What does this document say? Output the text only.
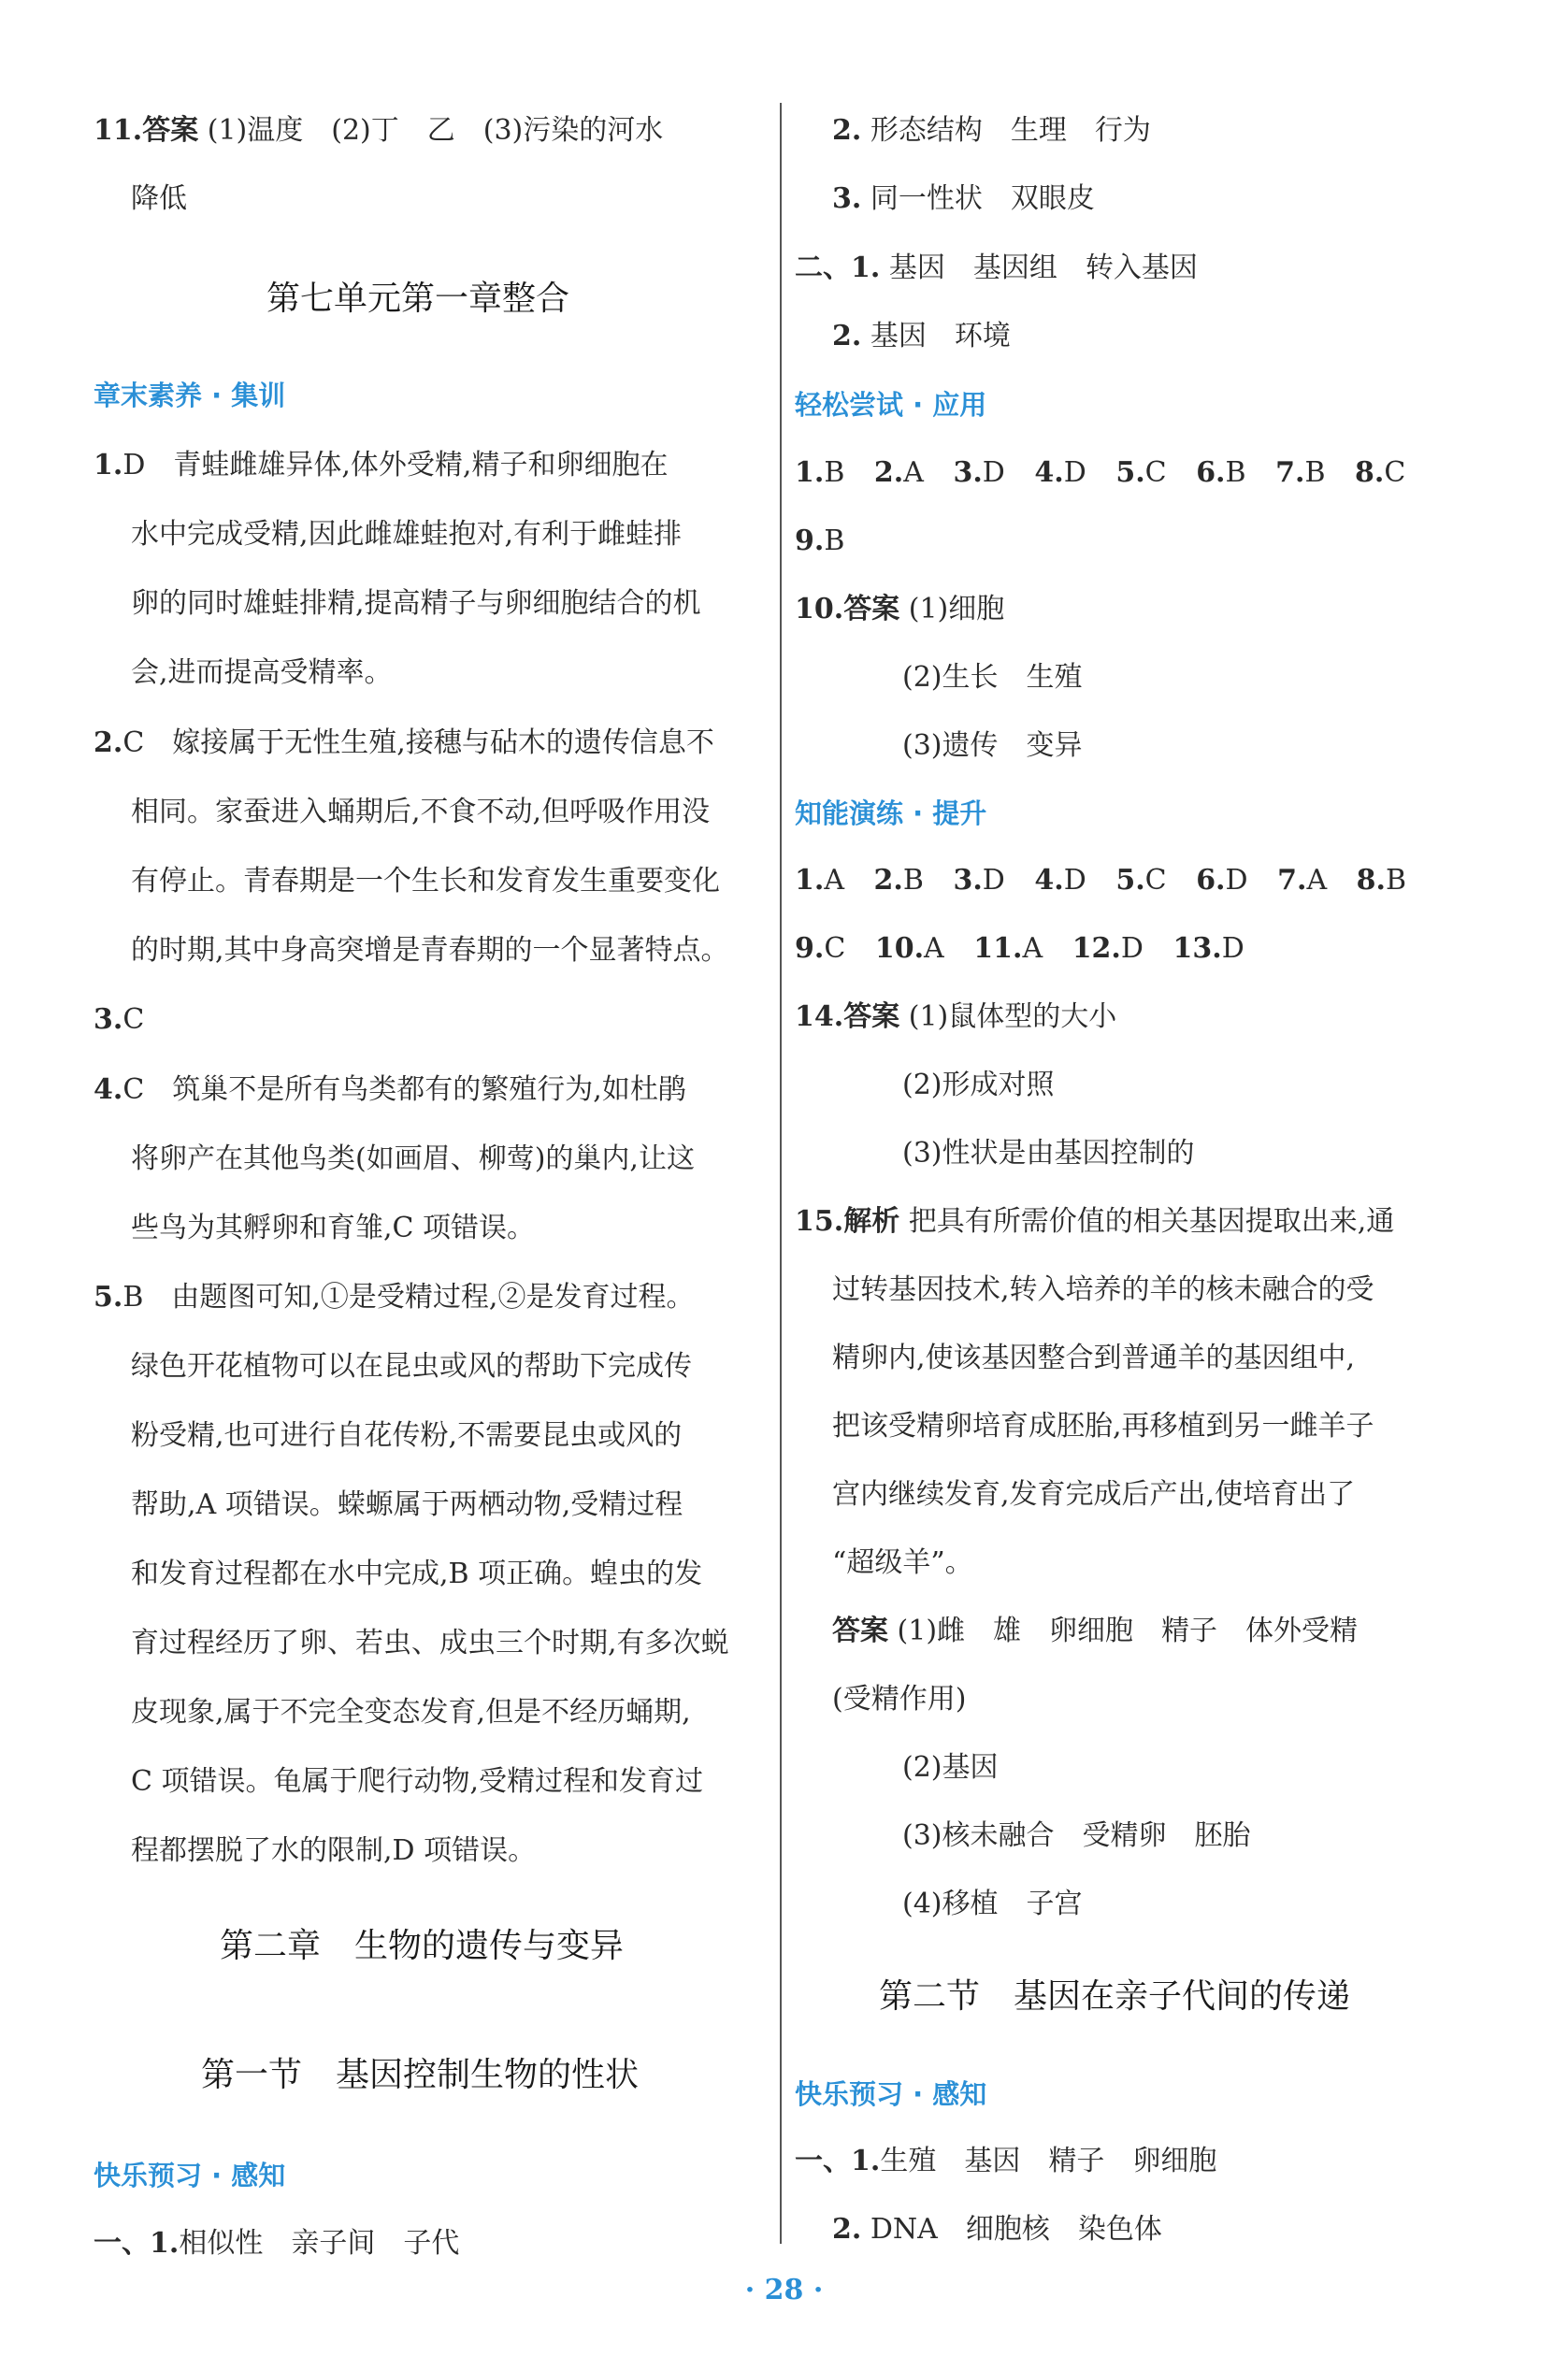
11.答案 (1)温度　(2)丁　乙　(3)污染的河水
降低
第七单元第一章整合
章末素养 · 集训
1.D　青蛙雌雄异体,体外受精,精子和卵细胞在
水中完成受精,因此雌雄蛙抱对,有利于雌蛙排
卵的同时雄蛙排精,提高精子与卵细胞结合的机
会,进而提高受精率。
2.C　嫁接属于无性生殖,接穗与砧木的遗传信息不
相同。家蚕进入蛹期后,不食不动,但呼吸作用没
有停止。青春期是一个生长和发育发生重要变化
的时期,其中身高突增是青春期的一个显著特点。
3.C
4.C　筑巢不是所有鸟类都有的繁殖行为,如杜鹃
将卵产在其他鸟类(如画眉、柳莺)的巢内,让这
些鸟为其孵卵和育雏,C 项错误。
5.B　由题图可知,①是受精过程,②是发育过程。
绿色开花植物可以在昆虫或风的帮助下完成传
粉受精,也可进行自花传粉,不需要昆虫或风的
帮助,A 项错误。蝾螈属于两栖动物,受精过程
和发育过程都在水中完成,B 项正确。蝗虫的发
育过程经历了卵、若虫、成虫三个时期,有多次蜕
皮现象,属于不完全变态发育,但是不经历蛹期,
C 项错误。龟属于爬行动物,受精过程和发育过
程都摆脱了水的限制,D 项错误。
第二章　生物的遗传与变异
第一节　基因控制生物的性状
快乐预习 · 感知
一、1.相似性　亲子间　子代
2. 形态结构　生理　行为
3. 同一性状　双眼皮
二、1. 基因　基因组　转入基因
2. 基因　环境
轻松尝试 · 应用
1.B 2.A 3.D 4.D 5.C 6.B 7.B 8.C
9.B
10.答案 (1)细胞
(2)生长　生殖
(3)遗传　变异
知能演练 · 提升
1.A 2.B 3.D 4.D 5.C 6.D 7.A 8.B
9.C 10.A 11.A 12.D 13.D
14.答案 (1)鼠体型的大小
(2)形成对照
(3)性状是由基因控制的
15.解析 把具有所需价值的相关基因提取出来,通
过转基因技术,转入培养的羊的核未融合的受
精卵内,使该基因整合到普通羊的基因组中,
把该受精卵培育成胚胎,再移植到另一雌羊子
宫内继续发育,发育完成后产出,使培育出了
“超级羊”。
答案 (1)雌　雄　卵细胞　精子　体外受精
(受精作用)
(2)基因
(3)核未融合　受精卵　胚胎
(4)移植　子宫
第二节　基因在亲子代间的传递
快乐预习 · 感知
一、1.生殖　基因　精子　卵细胞
2. DNA　细胞核　染色体
· 28 ·
